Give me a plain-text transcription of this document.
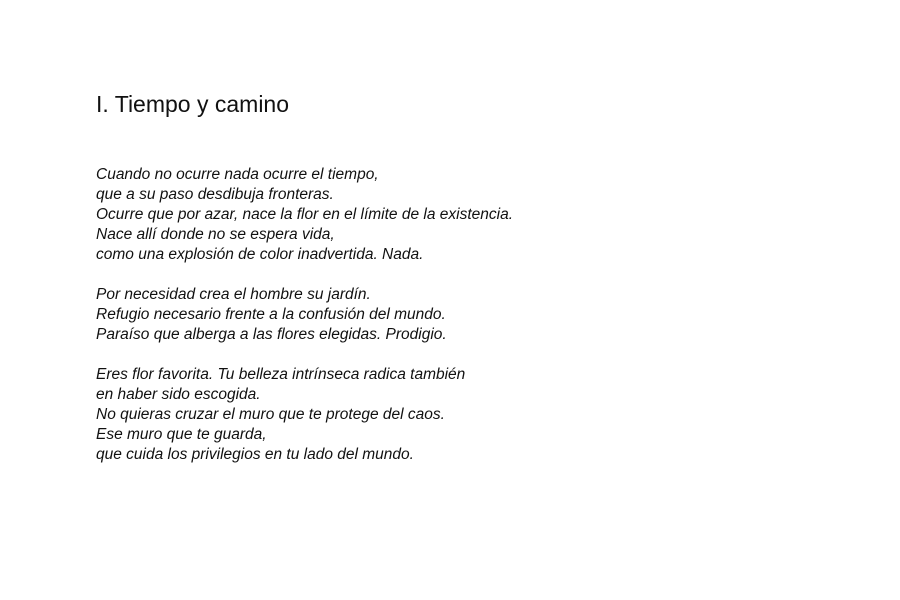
I. Tiempo y camino

Cuando no ocurre nada ocurre el tiempo,
que a su paso desdibuja fronteras.
Ocurre que por azar, nace la flor en el límite de la existencia.
Nace allí donde no se espera vida,
como una explosión de color inadvertida. Nada.

Por necesidad crea el hombre su jardín.
Refugio necesario frente a la confusión del mundo.
Paraíso que alberga a las flores elegidas. Prodigio.

Eres flor favorita. Tu belleza intrínseca radica también
en haber sido escogida.
No quieras cruzar el muro que te protege del caos.
Ese muro que te guarda,
que cuida los privilegios en tu lado del mundo.
